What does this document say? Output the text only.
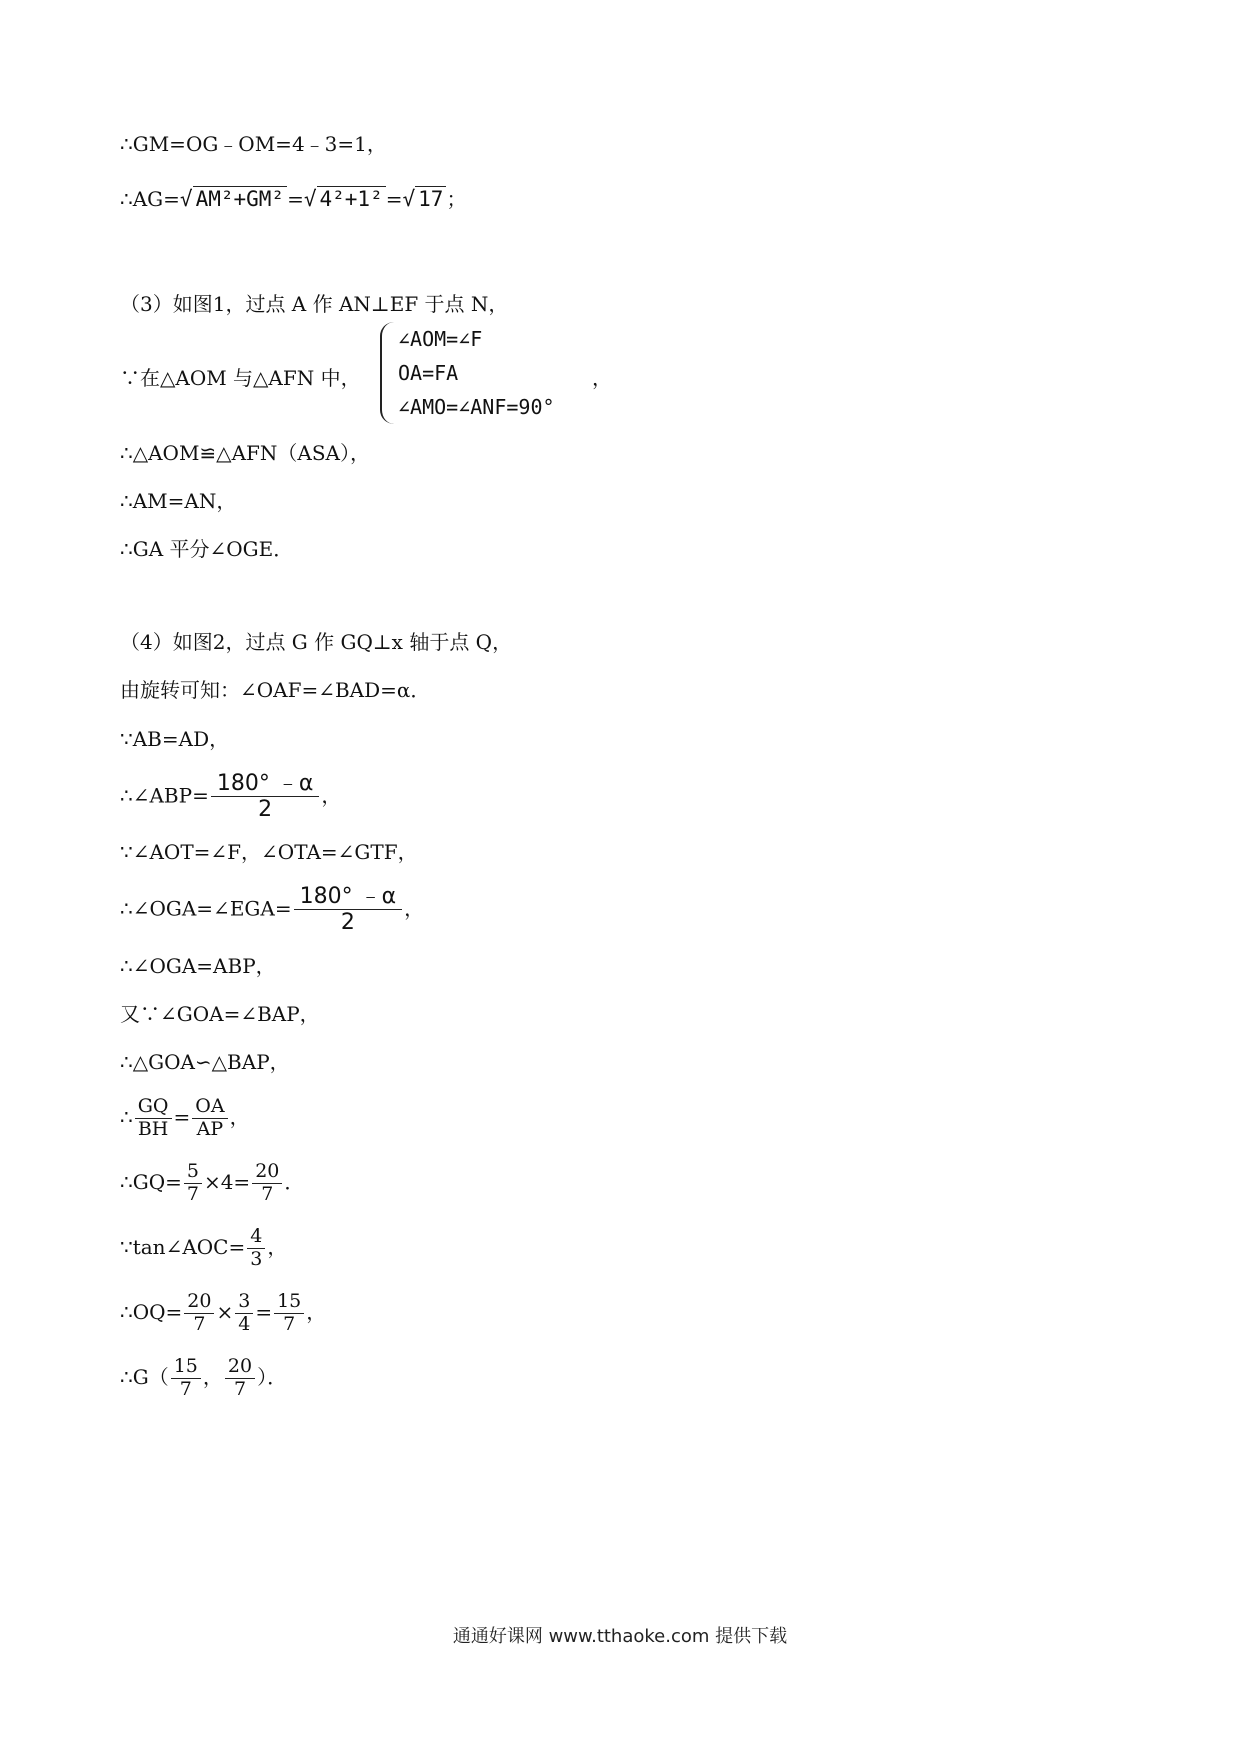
∴GM=OG﹣OM=4﹣3=1，
∴AG=√ AM²+GM² =√ 4²+1² =√ 17 ；
（3）如图1，过点 A 作 AN⊥EF 于点 N，
∵在△AOM 与△AFN 中，
∠AOM=∠F
OA=FA
∠AMO=∠ANF=90°
，
∴△AOM≌△AFN（ASA），
∴AM=AN，
∴GA 平分∠OGE．
（4）如图2，过点 G 作 GQ⊥x 轴于点 Q，
由旋转可知：∠OAF=∠BAD=α．
∵AB=AD，
∴∠ABP= $\frac{180^\circ ﹣\alpha}{2}$ ，
∵∠AOT=∠F，∠OTA=∠GTF，
∴∠OGA=∠EGA= $\frac{180^\circ ﹣\alpha}{2}$ ，
∴∠OGA=ABP，
又∵∠GOA=∠BAP，
∴△GOA∽△BAP，
∴ $\frac{GQ}{BH} = \frac{OA}{AP}$ ，
∴GQ= $\frac{5}{7} \times 4= \frac{20}{7}$ ．
∵tan∠AOC= $\frac{4}{3}$ ，
∴OQ= $\frac{20}{7} \times \frac{3}{4} = \frac{15}{7}$ ，
∴G（ $\frac{15}{7}$ ， $\frac{20}{7}$ ）．
通通好课网 www.tthaoke.com 提供下载
